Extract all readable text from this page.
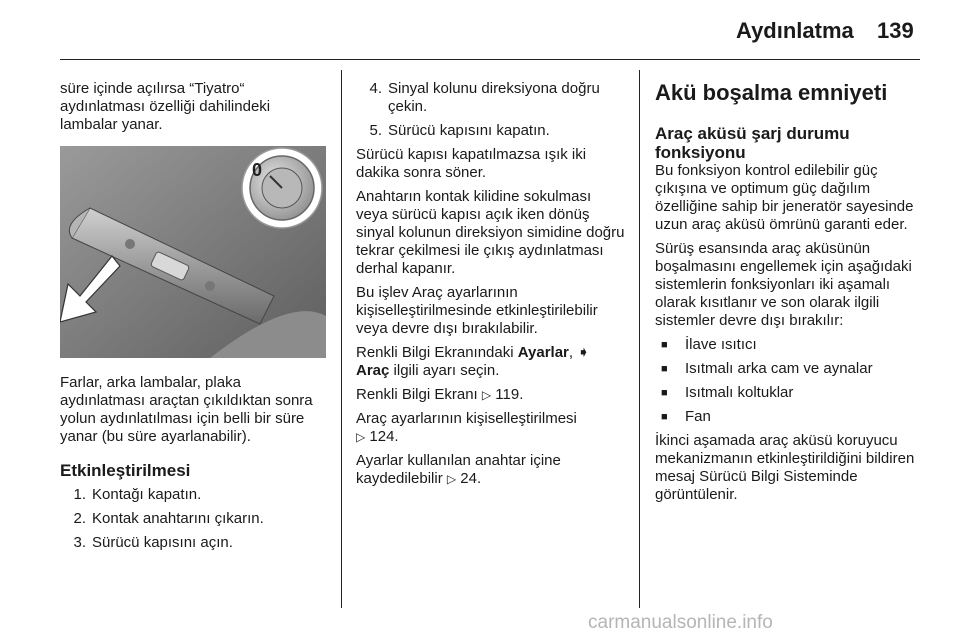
Aydınlatma 139

süre içinde açılırsa “Tiyatro“ aydınlatması özelliği dahilindeki lambalar yanar.

0

Farlar, arka lambalar, plaka aydınlatması araçtan çıkıldıktan sonra yolun aydınlatılması için belli bir süre yanar (bu süre ayarlanabilir).

Etkinleştirilmesi
1. Kontağı kapatın.
2. Kontak anahtarını çıkarın.
3. Sürücü kapısını açın.
4. Sinyal kolunu direksiyona doğru çekin.
5. Sürücü kapısını kapatın.

Sürücü kapısı kapatılmazsa ışık iki dakika sonra söner.

Anahtarın kontak kilidine sokulması veya sürücü kapısı açık iken dönüş sinyal kolunun direksiyon simidine doğru tekrar çekilmesi ile çıkış aydınlatması derhal kapanır.

Bu işlev Araç ayarlarının kişiselleştirilmesinde etkinleştirilebilir veya devre dışı bırakılabilir.

Renkli Bilgi Ekranındaki Ayarlar, ➧ Araç ilgili ayarı seçin.

Renkli Bilgi Ekranı ▷ 119.

Araç ayarlarının kişiselleştirilmesi
▷ 124.

Ayarlar kullanılan anahtar içine kaydedilebilir ▷ 24.

Akü boşalma emniyeti
Araç aküsü şarj durumu fonksiyonu

Bu fonksiyon kontrol edilebilir güç çıkışına ve optimum güç dağılım özelliğine sahip bir jeneratör sayesinde uzun araç aküsü ömrünü garanti eder.

Sürüş esansında araç aküsünün boşalmasını engellemek için aşağıdaki sistemlerin fonksiyonları iki aşamalı olarak kısıtlanır ve son olarak ilgili sistemler devre dışı bırakılır:

■	İlave ısıtıcı
■	Isıtmalı arka cam ve aynalar
■	Isıtmalı koltuklar
■	Fan

İkinci aşamada araç aküsü koruyucu mekanizmanın etkinleştirildiğini bildiren mesaj Sürücü Bilgi Sisteminde görüntülenir.

carmanualsonline.info
